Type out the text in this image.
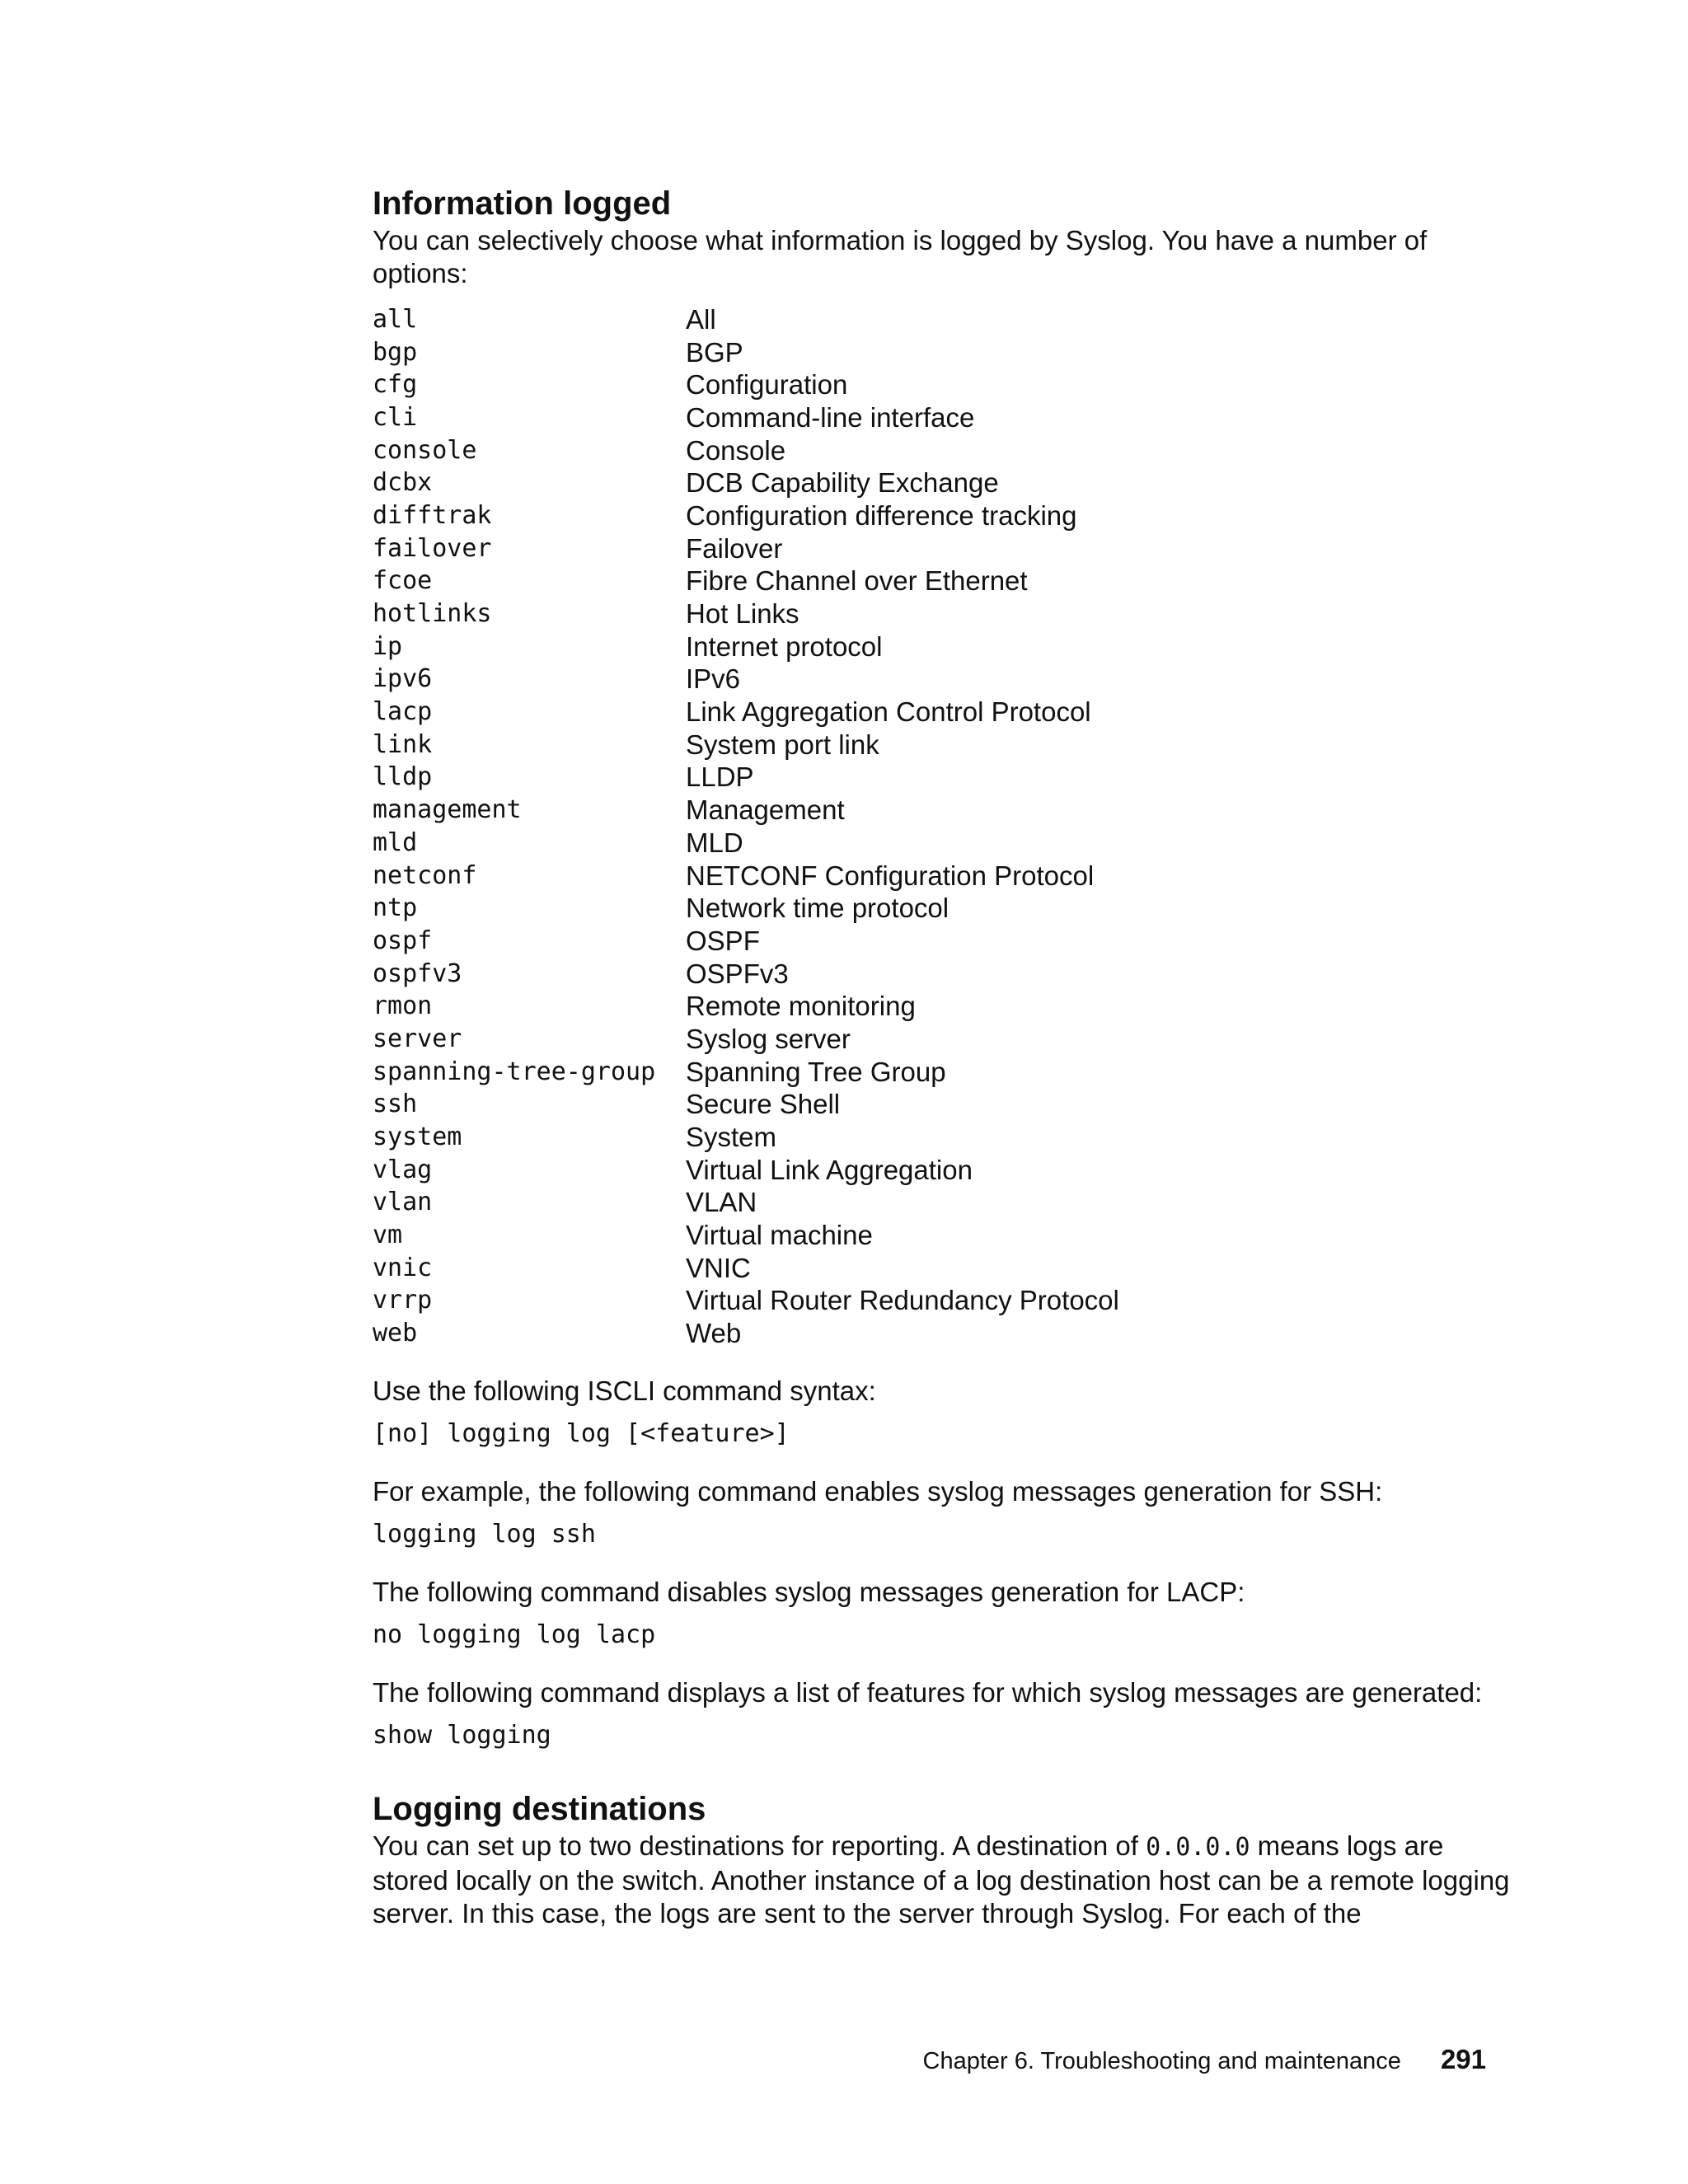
Information logged

You can selectively choose what information is logged by Syslog. You have a number of options:

all	All
bgp	BGP
cfg	Configuration
cli	Command-line interface
console	Console
dcbx	DCB Capability Exchange
difftrak	Configuration difference tracking
failover	Failover
fcoe	Fibre Channel over Ethernet
hotlinks	Hot Links
ip	Internet protocol
ipv6	IPv6
lacp	Link Aggregation Control Protocol
link	System port link
lldp	LLDP
management	Management
mld	MLD
netconf	NETCONF Configuration Protocol
ntp	Network time protocol
ospf	OSPF
ospfv3	OSPFv3
rmon	Remote monitoring
server	Syslog server
spanning-tree-group	Spanning Tree Group
ssh	Secure Shell
system	System
vlag	Virtual Link Aggregation
vlan	VLAN
vm	Virtual machine
vnic	VNIC
vrrp	Virtual Router Redundancy Protocol
web	Web

Use the following ISCLI command syntax:

[no] logging log [<feature>]

For example, the following command enables syslog messages generation for SSH:

logging log ssh

The following command disables syslog messages generation for LACP:

no logging log lacp

The following command displays a list of features for which syslog messages are generated:

show logging

Logging destinations

You can set up to two destinations for reporting. A destination of 0.0.0.0 means logs are stored locally on the switch. Another instance of a log destination host can be a remote logging server. In this case, the logs are sent to the server through Syslog. For each of the

Chapter 6. Troubleshooting and maintenance 291
